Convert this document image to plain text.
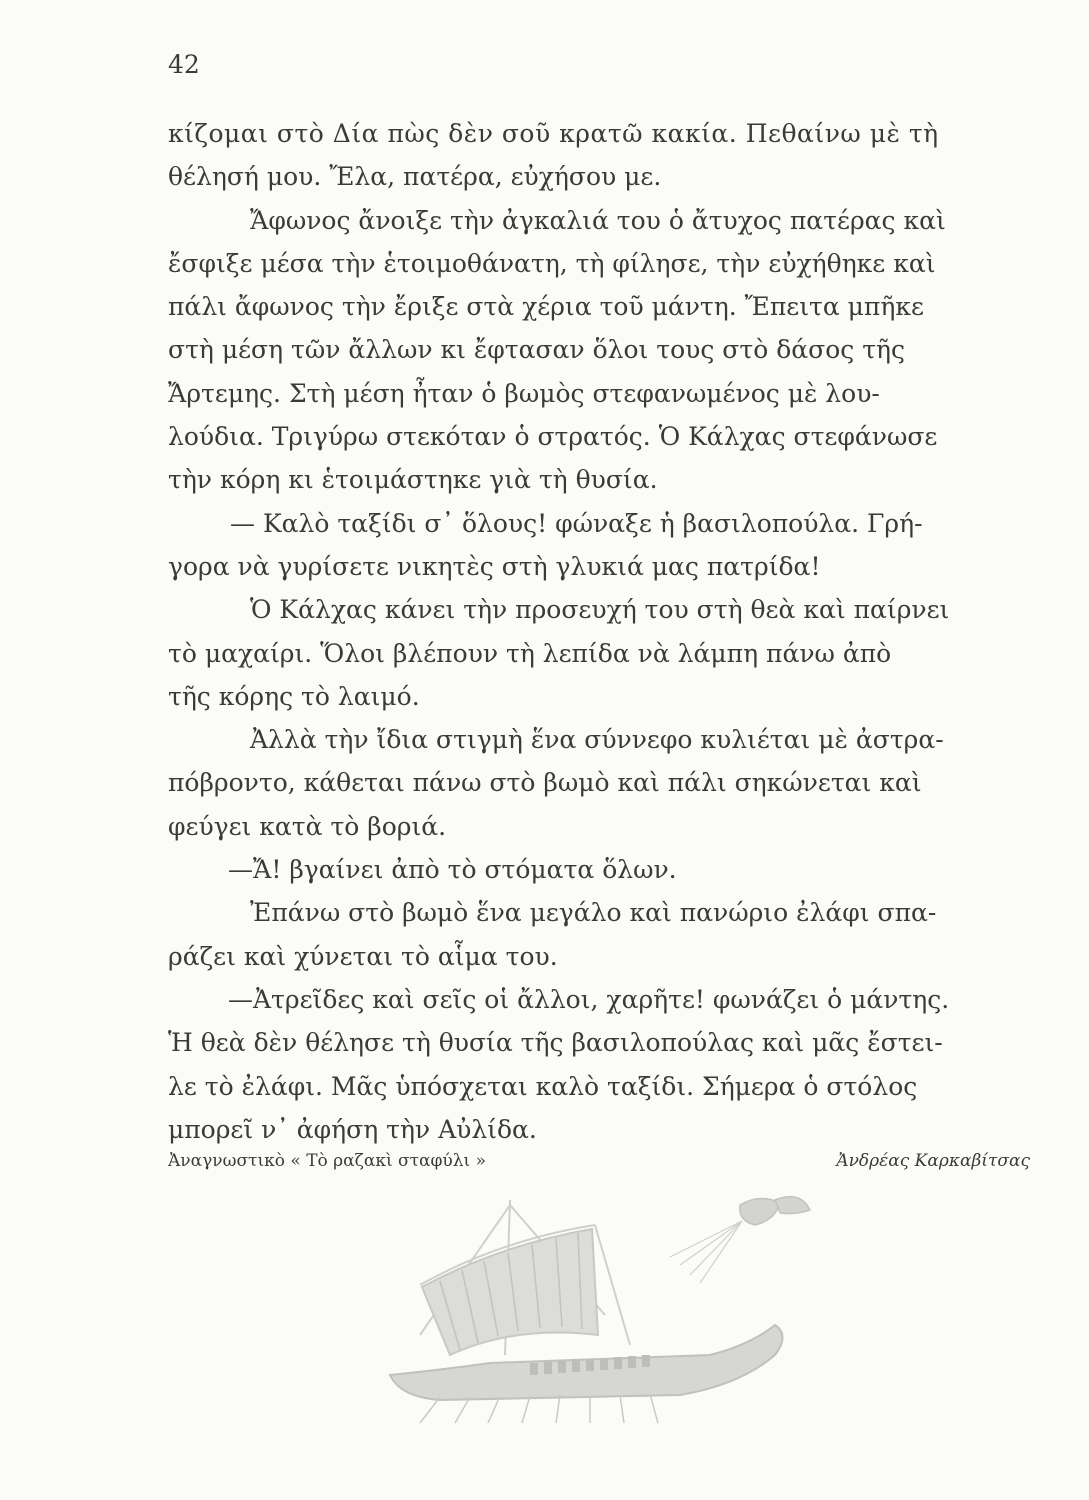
42
κίζομαι στὸ Δία πὼς δὲν σοῦ κρατῶ κακία. Πεθαίνω μὲ τὴ
θέλησή μου. Ἔλα, πατέρα, εὐχήσου με.
Ἄφωνος ἄνοιξε τὴν ἀγκαλιά του ὁ ἄτυχος πατέρας καὶ
ἔσφιξε μέσα τὴν ἑτοιμοθάνατη, τὴ φίλησε, τὴν εὐχήθηκε καὶ
πάλι ἄφωνος τὴν ἔριξε στὰ χέρια τοῦ μάντη. Ἔπειτα μπῆκε
στὴ μέση τῶν ἄλλων κι ἔφτασαν ὅλοι τους στὸ δάσος τῆς
Ἄρτεμης. Στὴ μέση ἦταν ὁ βωμὸς στεφανωμένος μὲ λου-
λούδια. Τριγύρω στεκόταν ὁ στρατός. Ὁ Κάλχας στεφάνωσε
τὴν κόρη κι ἑτοιμάστηκε γιὰ τὴ θυσία.
— Καλὸ ταξίδι σ᾽ ὅλους! φώναξε ἡ βασιλοπούλα. Γρή-
γορα νὰ γυρίσετε νικητὲς στὴ γλυκιά μας πατρίδα!
Ὁ Κάλχας κάνει τὴν προσευχή του στὴ θεὰ καὶ παίρνει
τὸ μαχαίρι. Ὅλοι βλέπουν τὴ λεπίδα νὰ λάμπη πάνω ἀπὸ
τῆς κόρης τὸ λαιμό.
Ἀλλὰ τὴν ἴδια στιγμὴ ἕνα σύννεφο κυλιέται μὲ ἀστρα-
πόβροντο, κάθεται πάνω στὸ βωμὸ καὶ πάλι σηκώνεται καὶ
φεύγει κατὰ τὸ βοριά.
—Ἄ! βγαίνει ἀπὸ τὸ στόματα ὅλων.
Ἐπάνω στὸ βωμὸ ἕνα μεγάλο καὶ πανώριο ἐλάφι σπα-
ράζει καὶ χύνεται τὸ αἷμα του.
—Ἀτρεῖδες καὶ σεῖς οἱ ἄλλοι, χαρῆτε! φωνάζει ὁ μάντης.
Ἡ θεὰ δὲν θέλησε τὴ θυσία τῆς βασιλοπούλας καὶ μᾶς ἔστει-
λε τὸ ἐλάφι. Μᾶς ὑπόσχεται καλὸ ταξίδι. Σήμερα ὁ στόλος
μπορεῖ ν᾽ ἀφήση τὴν Αὐλίδα.
Ἀναγνωστικὸ « Τὸ ραζακὶ σταφύλι »	Ἀνδρέας Καρκαβίτσας
